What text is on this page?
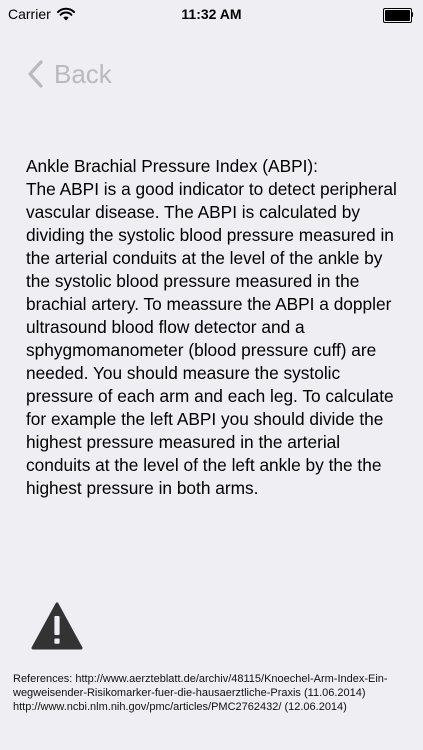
Carrier	11:32 AM
Back
Ankle Brachial Pressure Index (ABPI):
The ABPI is a good indicator to detect peripheral vascular disease. The ABPI is calculated by dividing the systolic blood pressure measured in the arterial conduits at the level of the ankle by the systolic blood pressure measured in the brachial artery. To meassure the ABPI a doppler ultrasound blood flow detector and a sphygmomanometer (blood pressure cuff) are needed. You should measure the systolic pressure of each arm and each leg. To calculate for example the left ABPI you should divide the highest pressure measured in the arterial conduits at the level of the left ankle by the the highest pressure in both arms.
References: http://www.aerzteblatt.de/archiv/48115/Knoechel-Arm-Index-Ein-wegweisender-Risikomarker-fuer-die-hausaerztliche-Praxis (11.06.2014)
http://www.ncbi.nlm.nih.gov/pmc/articles/PMC2762432/ (12.06.2014)
